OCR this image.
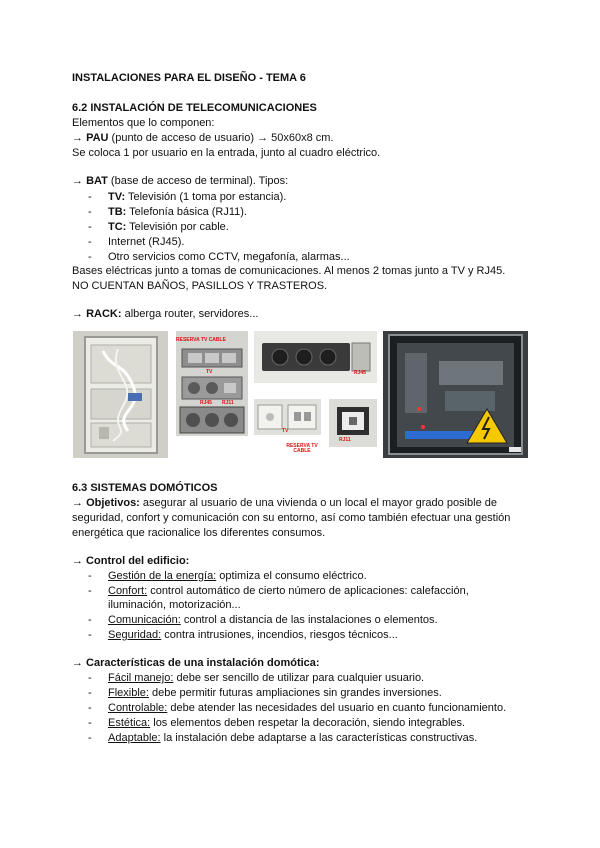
INSTALACIONES PARA EL DISEÑO - TEMA 6
6.2 INSTALACIÓN DE TELECOMUNICACIONES
Elementos que lo componen:
→ PAU (punto de acceso de usuario) → 50x60x8 cm.
Se coloca 1 por usuario en la entrada, junto al cuadro eléctrico.
→ BAT (base de acceso de terminal). Tipos:
- TV: Televisión (1 toma por estancia).
- TB: Telefonía básica (RJ11).
- TC: Televisión por cable.
- Internet (RJ45).
- Otro servicios como CCTV, megafonía, alarmas...
Bases eléctricas junto a tomas de comunicaciones. Al menos 2 tomas junto a TV y RJ45.
NO CUENTAN BAÑOS, PASILLOS Y TRASTEROS.
→ RACK: alberga router, servidores...
RESERVA TV CABLE
TV
RJ45 RJ11
RJ45
TV
RESERVA TV CABLE
RJ11
6.3 SISTEMAS DOMÓTICOS
→ Objetivos: asegurar al usuario de una vivienda o un local el mayor grado posible de
seguridad, confort y comunicación con su entorno, así como también efectuar una gestión
energética que racionalice los diferentes consumos.
→ Control del edificio:
- Gestión de la energía: optimiza el consumo eléctrico.
- Confort: control automático de cierto número de aplicaciones: calefacción,
iluminación, motorización...
- Comunicación: control a distancia de las instalaciones o elementos.
- Seguridad: contra intrusiones, incendios, riesgos técnicos...
→ Características de una instalación domótica:
- Fácil manejo: debe ser sencillo de utilizar para cualquier usuario.
- Flexible: debe permitir futuras ampliaciones sin grandes inversiones.
- Controlable: debe atender las necesidades del usuario en cuanto funcionamiento.
- Estética: los elementos deben respetar la decoración, siendo integrables.
- Adaptable: la instalación debe adaptarse a las características constructivas.
